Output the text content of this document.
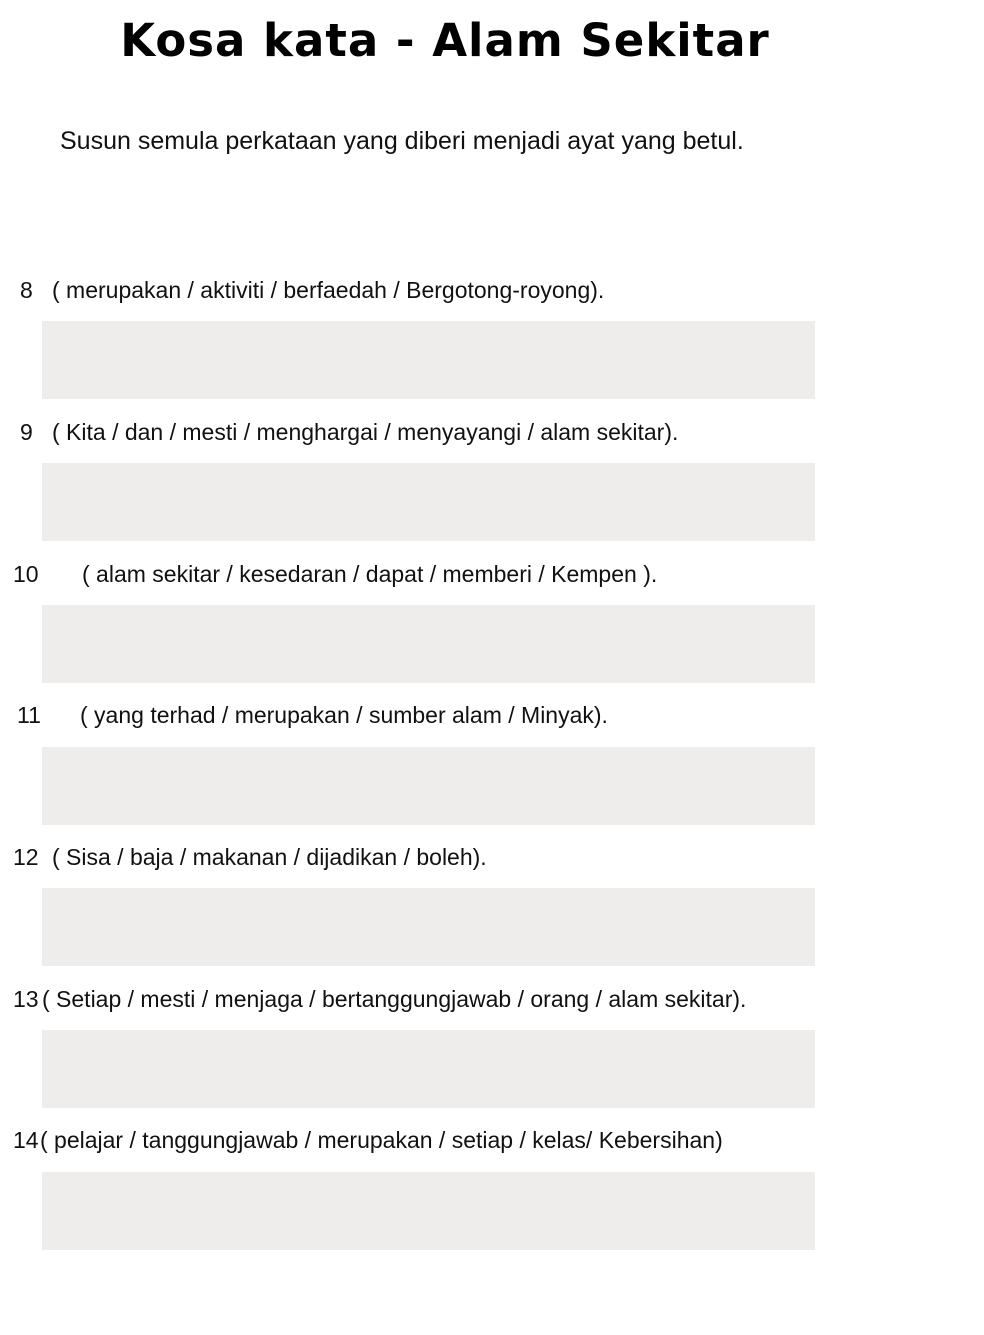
Kosa kata - Alam Sekitar
Susun semula perkataan yang diberi menjadi ayat yang betul.
8 ( merupakan / aktiviti / berfaedah / Bergotong-royong).
9 ( Kita / dan / mesti / menghargai / menyayangi / alam sekitar).
10 ( alam sekitar / kesedaran / dapat / memberi / Kempen ).
11 ( yang terhad / merupakan / sumber alam / Minyak).
12 ( Sisa / baja / makanan / dijadikan / boleh).
13 ( Setiap / mesti / menjaga / bertanggungjawab / orang / alam sekitar).
14 ( pelajar / tanggungjawab / merupakan / setiap / kelas/ Kebersihan)
